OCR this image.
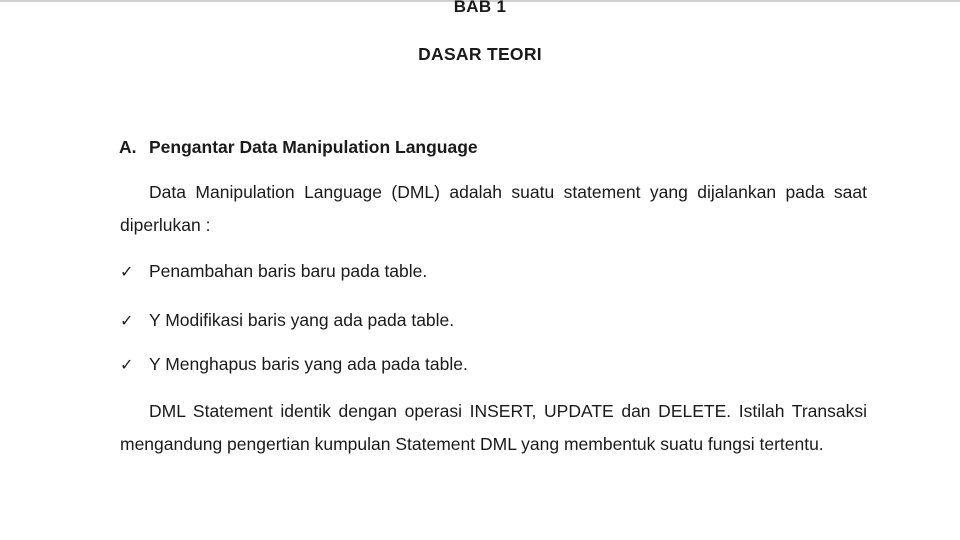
BAB 1
DASAR TEORI
A. Pengantar Data Manipulation Language
Data Manipulation Language (DML) adalah suatu statement yang dijalankan pada saat diperlukan :
✓ Penambahan baris baru pada table.
✓ Y Modifikasi baris yang ada pada table.
✓ Y Menghapus baris yang ada pada table.
DML Statement identik dengan operasi INSERT, UPDATE dan DELETE. Istilah Transaksi mengandung pengertian kumpulan Statement DML yang membentuk suatu fungsi tertentu.
